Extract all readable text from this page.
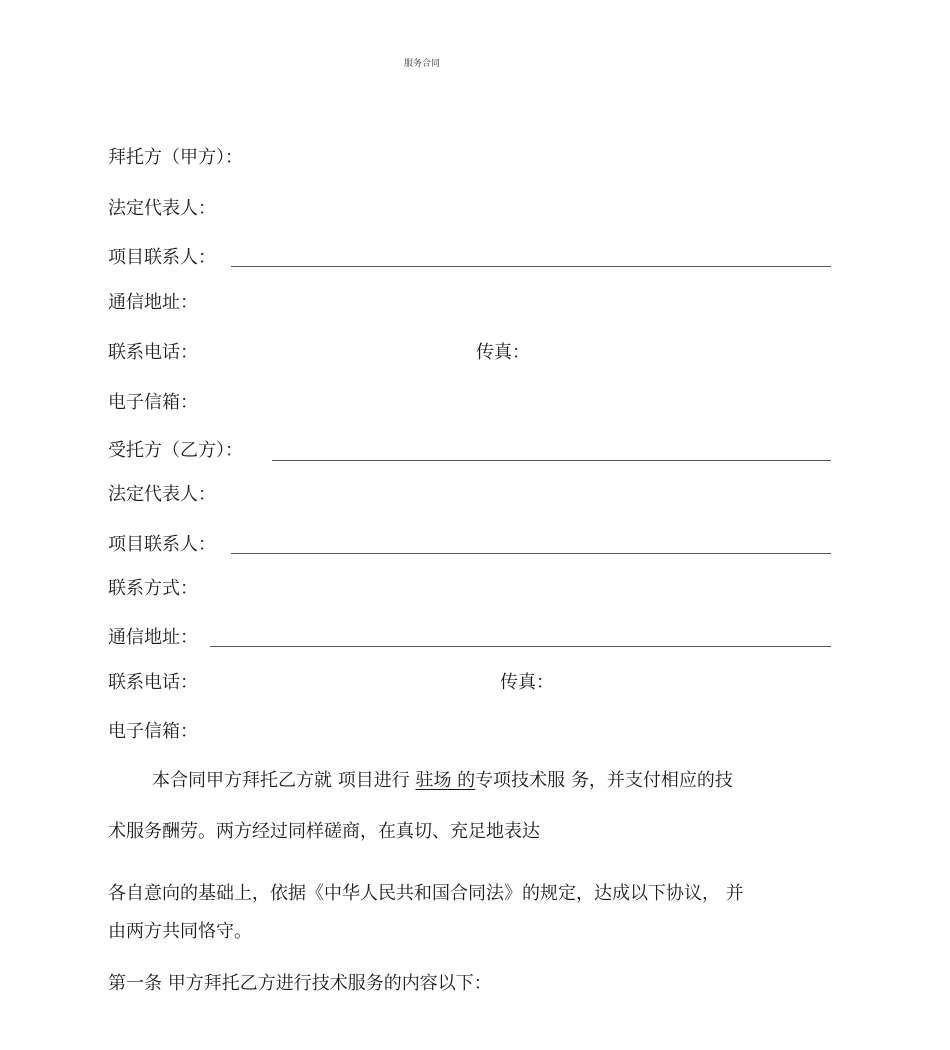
服务合同
拜托方（甲方）：
法定代表人：
项目联系人：
通信地址：
联系电话：	传真：
电子信箱：
受托方（乙方）：
法定代表人：
项目联系人：
联系方式：
通信地址：
联系电话：	传真：
电子信箱：
本合同甲方拜托乙方就 项目进行 驻场 的专项技术服 务，并支付相应的技
术服务酬劳。两方经过同样磋商，在真切、充足地表达
各自意向的基础上，依据《中华人民共和国合同法》的规定，达成以下协议， 并
由两方共同恪守。
第一条 甲方拜托乙方进行技术服务的内容以下：
